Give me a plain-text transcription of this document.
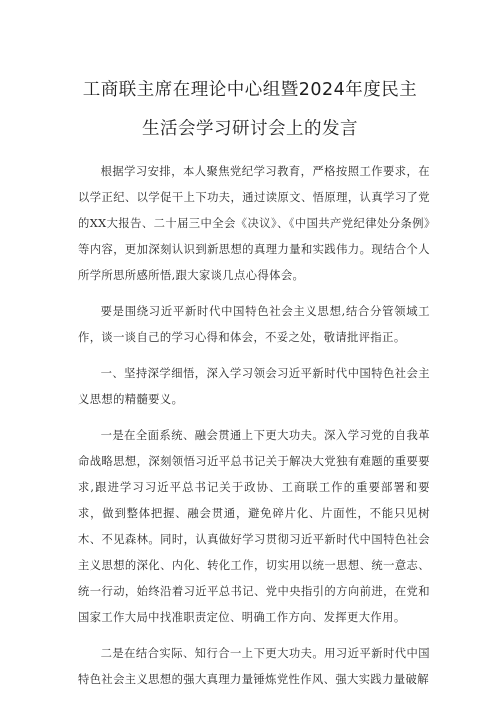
工商联主席在理论中心组暨2024年度民主
生活会学习研讨会上的发言

根据学习安排，本人聚焦党纪学习教育，严格按照工作要求，在以学正纪、以学促干上下功夫，通过读原文、悟原理，认真学习了党的XX大报告、二十届三中全会《决议》、《中国共产党纪律处分条例》等内容，更加深刻认识到新思想的真理力量和实践伟力。现结合个人所学所思所感所悟,跟大家谈几点心得体会。

要是围绕习近平新时代中国特色社会主义思想,结合分管领域工作，谈一谈自己的学习心得和体会，不妥之处，敬请批评指正。

一、坚持深学细悟，深入学习领会习近平新时代中国特色社会主义思想的精髓要义。

一是在全面系统、融会贯通上下更大功夫。深入学习党的自我革命战略思想，深刻领悟习近平总书记关于解决大党独有难题的重要要求,跟进学习习近平总书记关于政协、工商联工作的重要部署和要求，做到整体把握、融会贯通，避免碎片化、片面性，不能只见树木、不见森林。同时，认真做好学习贯彻习近平新时代中国特色社会主义思想的深化、内化、转化工作，切实用以统一思想、统一意志、统一行动，始终沿着习近平总书记、党中央指引的方向前进，在党和国家工作大局中找准职责定位、明确工作方向、发挥更大作用。

二是在结合实际、知行合一上下更大功夫。用习近平新时代中国特色社会主义思想的强大真理力量锤炼党性作风、强大实践力量破解
